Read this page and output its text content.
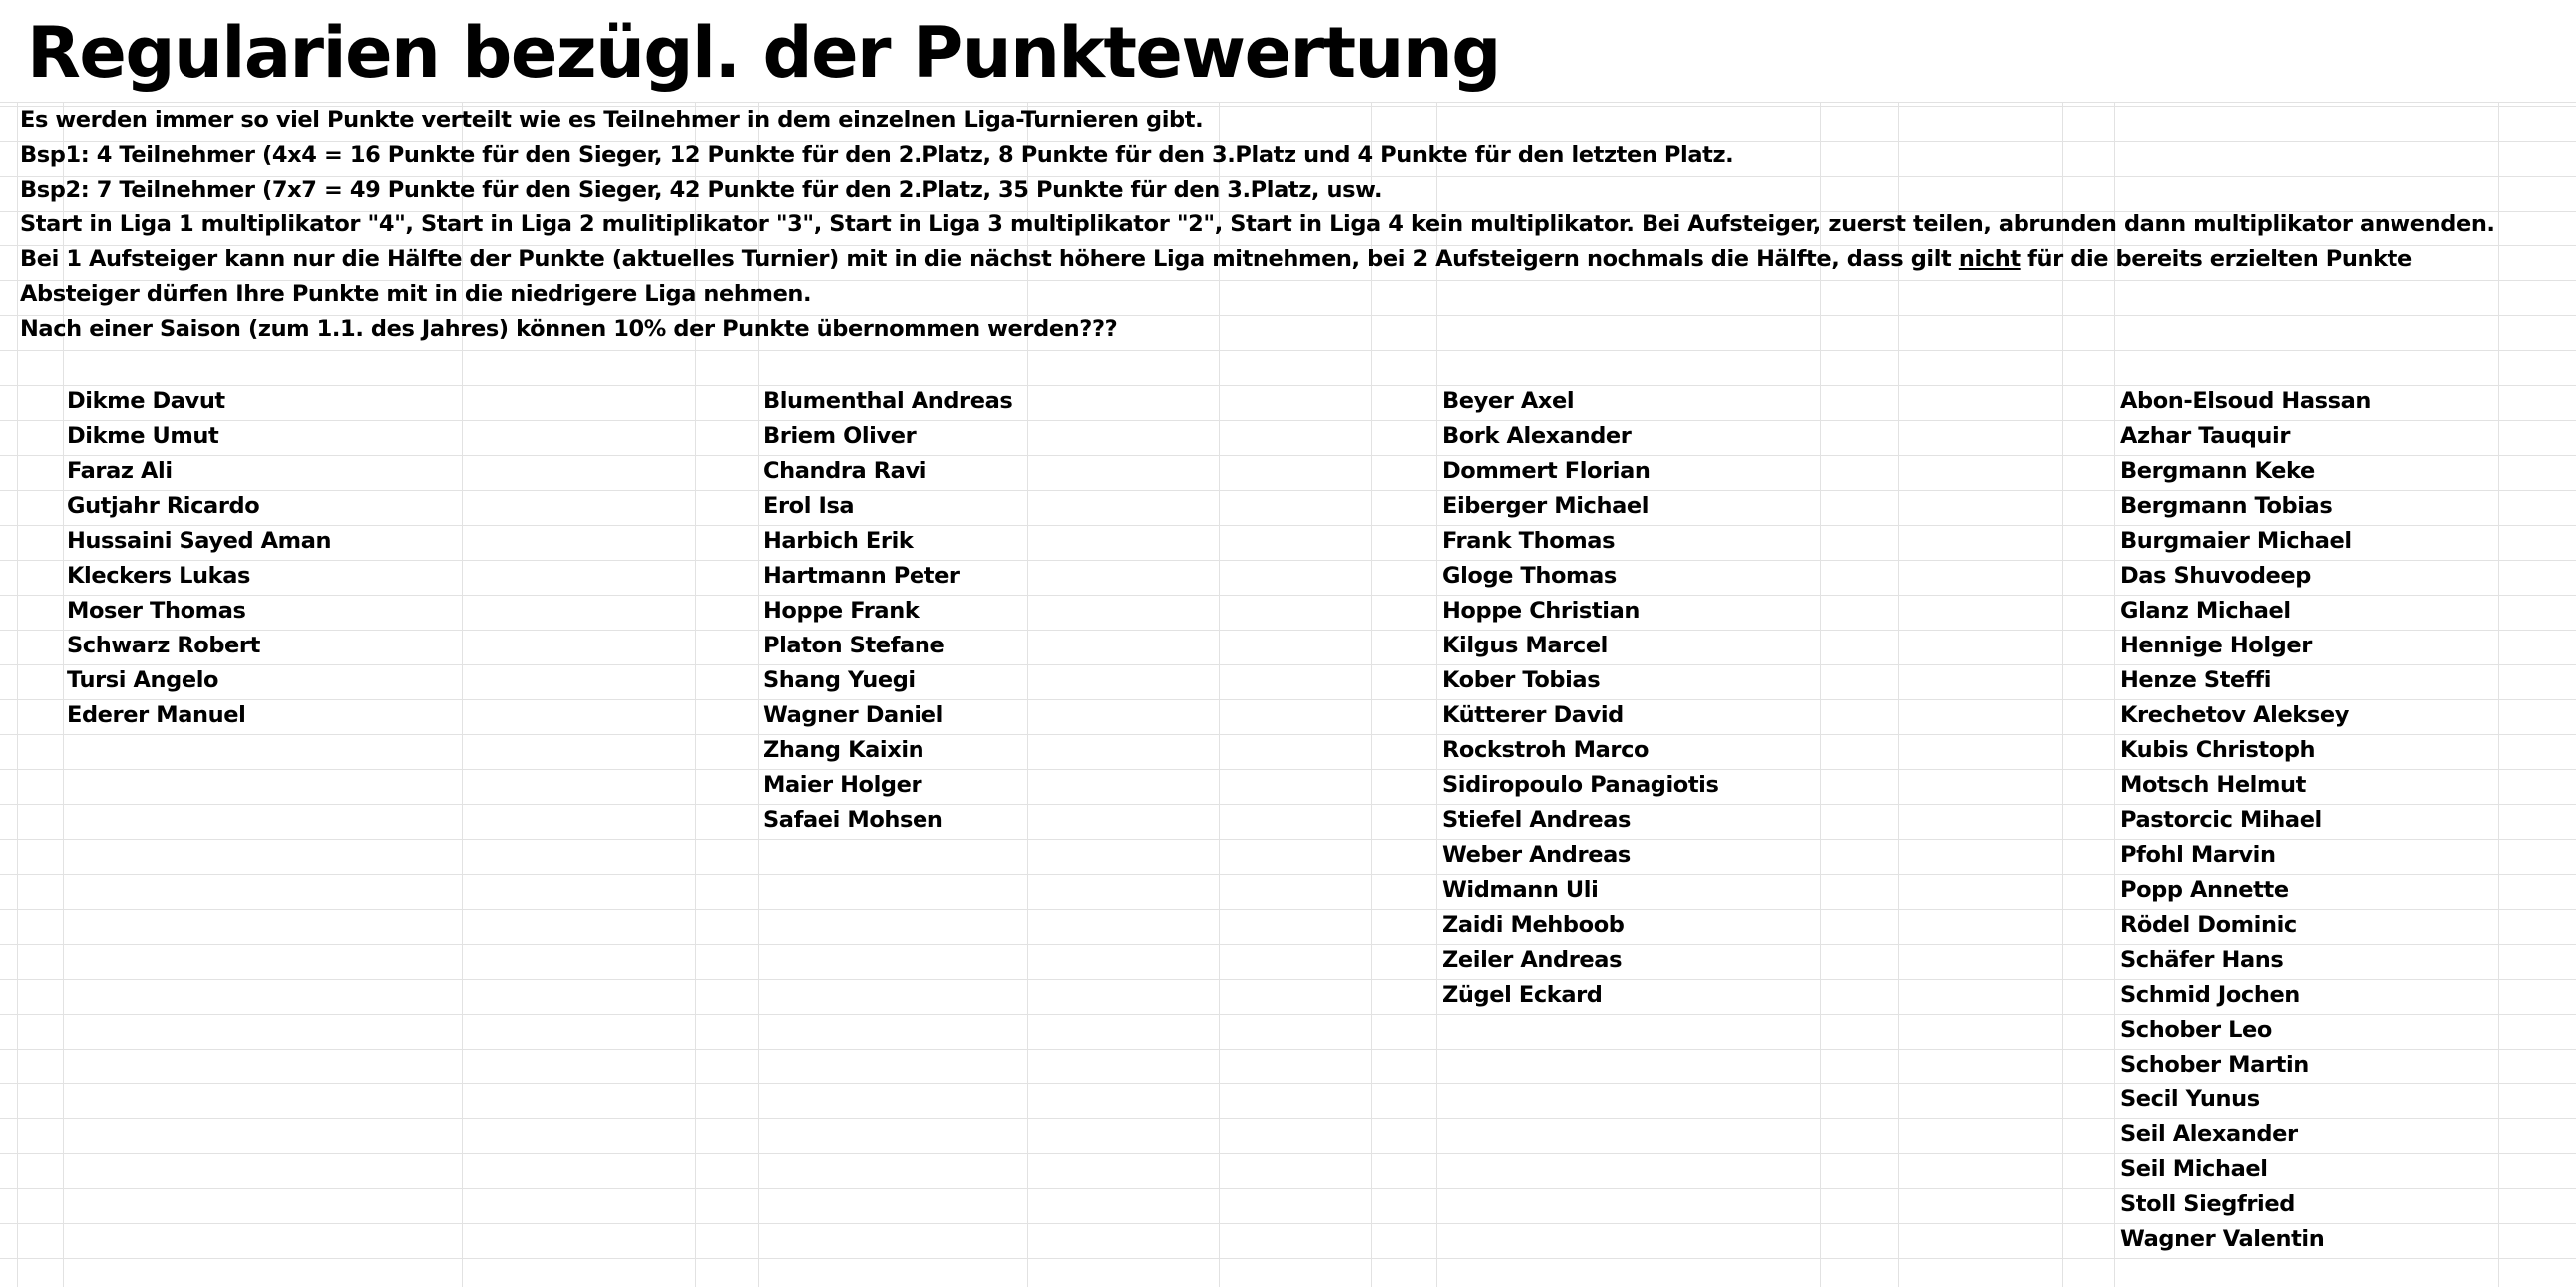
Regularien bezügl. der Punktewertung

Es werden immer so viel Punkte verteilt wie es Teilnehmer in dem einzelnen Liga-Turnieren gibt.

Bsp1: 4 Teilnehmer (4x4 = 16 Punkte für den Sieger, 12 Punkte für den 2.Platz, 8 Punkte für den 3.Platz und 4 Punkte für den letzten Platz.

Bsp2: 7 Teilnehmer (7x7 = 49 Punkte für den Sieger, 42 Punkte für den 2.Platz, 35 Punkte für den 3.Platz, usw.

Start in Liga 1 multiplikator "4", Start in Liga 2 mulitiplikator "3", Start in Liga 3 multiplikator "2", Start in Liga 4 kein multiplikator. Bei Aufsteiger, zuerst teilen, abrunden dann multiplikator anwenden.

Bei 1 Aufsteiger kann nur die Hälfte der Punkte (aktuelles Turnier) mit in die nächst höhere Liga mitnehmen, bei 2 Aufsteigern nochmals die Hälfte, dass gilt nicht für die bereits erzielten Punkte

Absteiger dürfen Ihre Punkte mit in die niedrigere Liga nehmen.

Nach einer Saison (zum 1.1. des Jahres) können 10% der Punkte übernommen werden???

Dikme Davut
Dikme Umut
Faraz Ali
Gutjahr Ricardo
Hussaini Sayed Aman
Kleckers Lukas
Moser Thomas
Schwarz Robert
Tursi Angelo
Ederer Manuel
Blumenthal Andreas
Briem Oliver
Chandra Ravi
Erol Isa
Harbich Erik
Hartmann Peter
Hoppe Frank
Platon Stefane
Shang Yuegi
Wagner Daniel
Zhang Kaixin
Maier Holger
Safaei Mohsen
Beyer Axel
Bork Alexander
Dommert Florian
Eiberger Michael
Frank Thomas
Gloge Thomas
Hoppe Christian
Kilgus Marcel
Kober Tobias
Kütterer David
Rockstroh Marco
Sidiropoulo Panagiotis
Stiefel Andreas
Weber Andreas
Widmann Uli
Zaidi Mehboob
Zeiler Andreas
Zügel Eckard
Abon-Elsoud Hassan
Azhar Tauquir
Bergmann Keke
Bergmann Tobias
Burgmaier Michael
Das Shuvodeep
Glanz Michael
Hennige Holger
Henze Steffi
Krechetov Aleksey
Kubis Christoph
Motsch Helmut
Pastorcic Mihael
Pfohl Marvin
Popp Annette
Rödel Dominic
Schäfer Hans
Schmid Jochen
Schober Leo
Schober Martin
Secil Yunus
Seil Alexander
Seil Michael
Stoll Siegfried
Wagner Valentin
